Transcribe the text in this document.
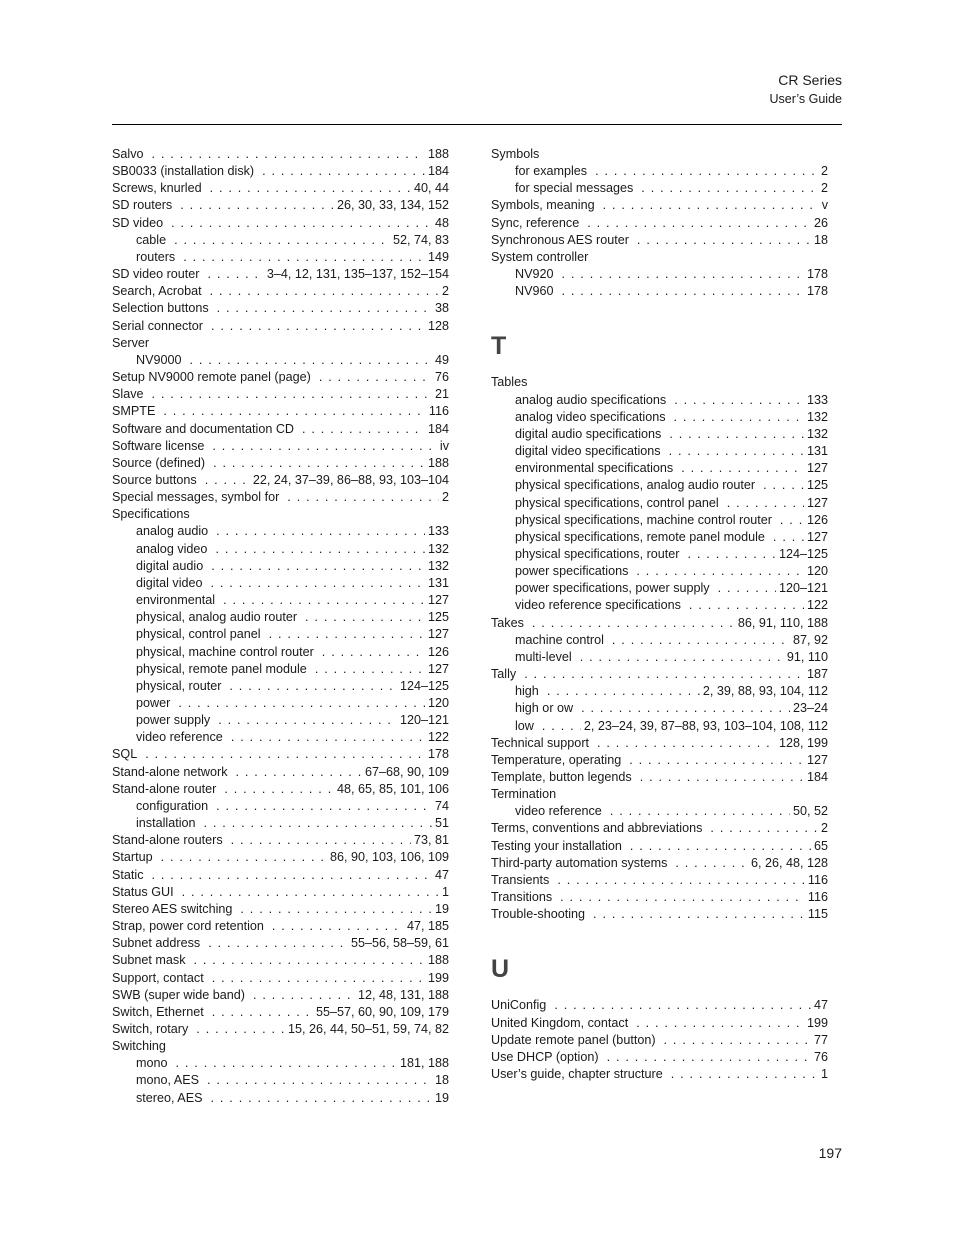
CR Series
User’s Guide
Salvo . . .	188
SB0033 (installation disk) . . .	184
Screws, knurled . . .	40, 44
SD routers . . .	26, 30, 33, 134, 152
SD video . . .	48
cable . . .	52, 74, 83
routers . . .	149
SD video router . . .	3–4, 12, 131, 135–137, 152–154
Search, Acrobat . . .	2
Selection buttons . . .	38
Serial connector . . .	128
Server
NV9000 . . .	49
Setup NV9000 remote panel (page) . . .	76
Slave . . .	21
SMPTE . . .	116
Software and documentation CD . . .	184
Software license . . .	iv
Source (defined) . . .	188
Source buttons . . .	22, 24, 37–39, 86–88, 93, 103–104
Special messages, symbol for . . .	2
Specifications
analog audio . . .	133
analog video . . .	132
digital audio . . .	132
digital video . . .	131
environmental . . .	127
physical, analog audio router . . .	125
physical, control panel . . .	127
physical, machine control router . . .	126
physical, remote panel module . . .	127
physical, router . . .	124–125
power . . .	120
power supply . . .	120–121
video reference . . .	122
SQL . . .	178
Stand-alone network . . .	67–68, 90, 109
Stand-alone router . . .	48, 65, 85, 101, 106
configuration . . .	74
installation . . .	51
Stand-alone routers . . .	73, 81
Startup . . .	86, 90, 103, 106, 109
Static . . .	47
Status GUI . . .	1
Stereo AES switching . . .	19
Strap, power cord retention . . .	47, 185
Subnet address . . .	55–56, 58–59, 61
Subnet mask . . .	188
Support, contact . . .	199
SWB (super wide band) . . .	12, 48, 131, 188
Switch, Ethernet . . .	55–57, 60, 90, 109, 179
Switch, rotary . . .	15, 26, 44, 50–51, 59, 74, 82
Switching
mono . . .	181, 188
mono, AES . . .	18
stereo, AES . . .	19
Symbols
for examples . . .	2
for special messages . . .	2
Symbols, meaning . . .	v
Sync, reference . . .	26
Synchronous AES router . . .	18
System controller
NV920 . . .	178
NV960 . . .	178
T
Tables
analog audio specifications . . .	133
analog video specifications . . .	132
digital audio specifications . . .	132
digital video specifications . . .	131
environmental specifications . . .	127
physical specifications, analog audio router . . .	125
physical specifications, control panel . . .	127
physical specifications, machine control router . . .	126
physical specifications, remote panel module . . .	127
physical specifications, router . . .	124–125
power specifications . . .	120
power specifications, power supply . . .	120–121
video reference specifications . . .	122
Takes . . .	86, 91, 110, 188
machine control . . .	87, 92
multi-level . . .	91, 110
Tally . . .	187
high . . .	2, 39, 88, 93, 104, 112
high or ow . . .	23–24
low . . .	2, 23–24, 39, 87–88, 93, 103–104, 108, 112
Technical support . . .	128, 199
Temperature, operating . . .	127
Template, button legends . . .	184
Termination
video reference . . .	50, 52
Terms, conventions and abbreviations . . .	2
Testing your installation . . .	65
Third-party automation systems . . .	6, 26, 48, 128
Transients . . .	116
Transitions . . .	116
Trouble-shooting . . .	115
U
UniConfig . . .	47
United Kingdom, contact . . .	199
Update remote panel (button) . . .	77
Use DHCP (option) . . .	76
User’s guide, chapter structure . . .	1
197
